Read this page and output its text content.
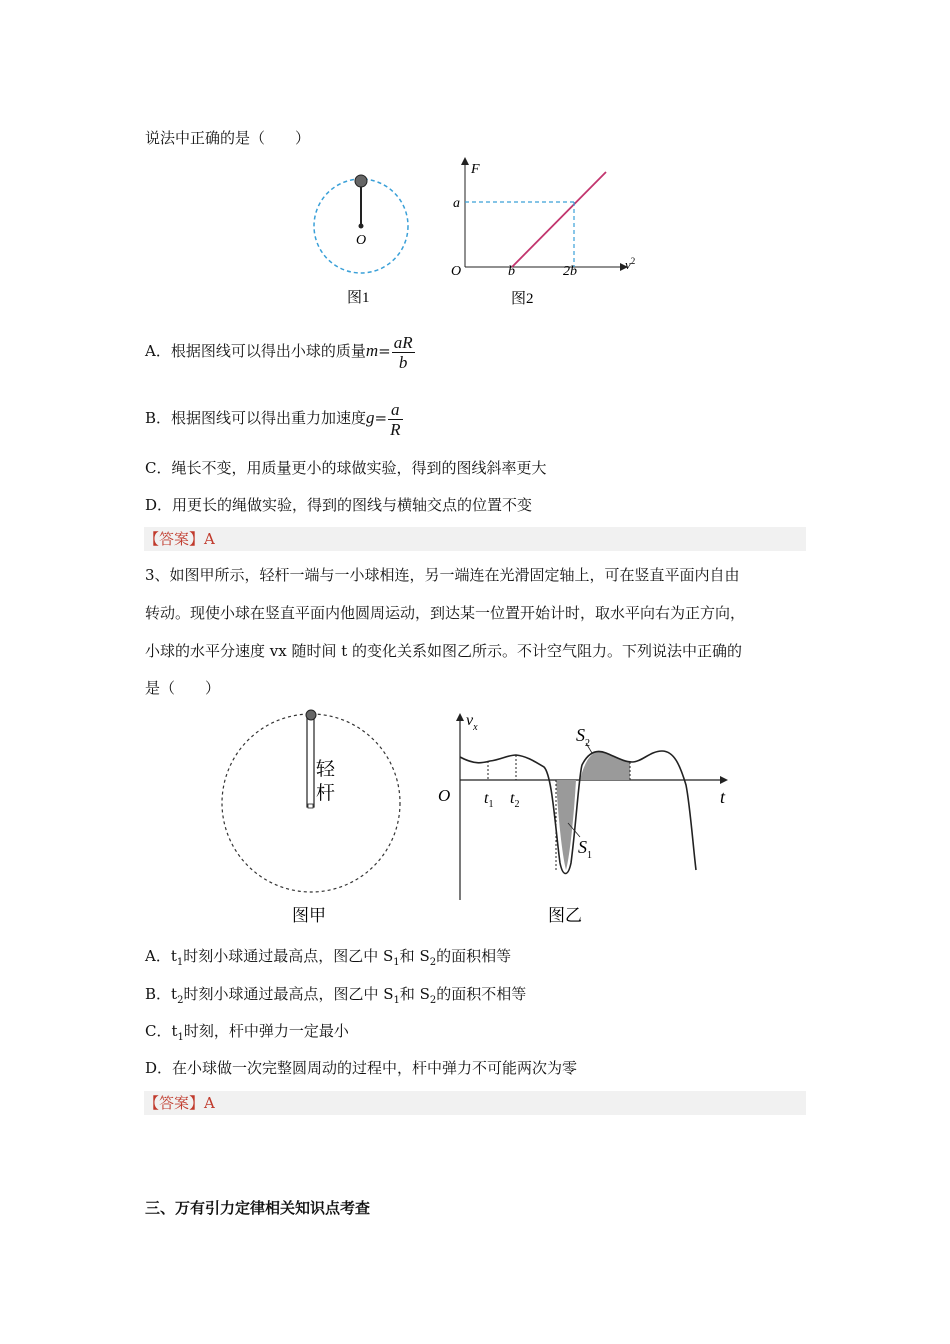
说法中正确的是（　　）
O
图1
F
a
O	b	2b	$v^2$
图2
A．根据图线可以得出小球的质量$m= \frac{aR}{b}$
B．根据图线可以得出重力加速度$g= \frac{a}{R}$
C．绳长不变，用质量更小的球做实验，得到的图线斜率更大
D．用更长的绳做实验，得到的图线与横轴交点的位置不变
【答案】A
3、如图甲所示，轻杆一端与一小球相连，另一端连在光滑固定轴上，可在竖直平面内自由
转动。现使小球在竖直平面内他圆周运动，到达某一位置开始计时，取水平向右为正方向，
小球的水平分速度 vx 随时间 t 的变化关系如图乙所示。不计空气阻力。下列说法中正确的
是（　　）
轻
杆
图甲
$v_x$
O	t
$t_1$ $t_2$
$S_1$
$S_2$
图乙
A．$t_1$时刻小球通过最高点，图乙中 $S_1$和 $S_2$的面积相等
B．$t_2$时刻小球通过最高点，图乙中 $S_1$和 $S_2$的面积不相等
C．$t_1$时刻，杆中弹力一定最小
D．在小球做一次完整圆周动的过程中，杆中弹力不可能两次为零
【答案】A
三、万有引力定律相关知识点考查
